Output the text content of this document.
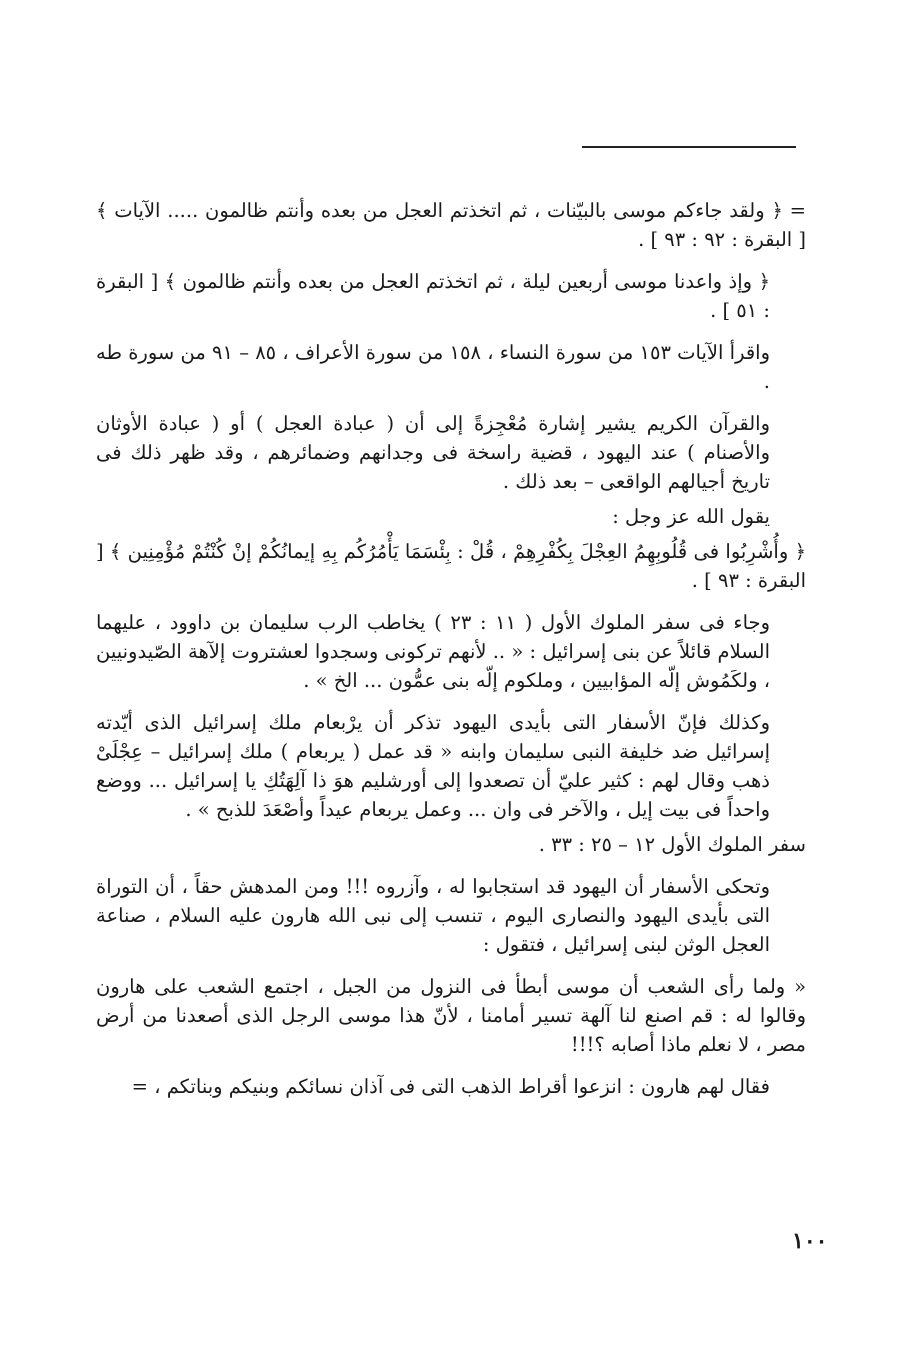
= ﴿ ولقد جاءكم موسى بالبيّنات ، ثم اتخذتم العجل من بعده وأنتم ظالمون ..... الآيات ﴾ [ البقرة : ٩٢ : ٩٣ ] .

﴿ وإذ واعدنا موسى أربعين ليلة ، ثم اتخذتم العجل من بعده وأنتم ظالمون ﴾ [ البقرة : ٥١ ] .

واقرأ الآيات ١٥٣ من سورة النساء ، ١٥٨ من سورة الأعراف ، ٨٥ – ٩١ من سورة طه .

والقرآن الكريم يشير إشارة مُعْجِزةً إلى أن ( عبادة العجل ) أو ( عبادة الأوثان والأصنام ) عند اليهود ، قضية راسخة فى وجدانهم وضمائرهم ، وقد ظهر ذلك فى تاريخ أجيالهم الواقعى – بعد ذلك .

يقول الله عز وجل :

﴿ وأُشْرِبُوا فى قُلُوبِهِمُ العِجْلَ بِكُفْرِهِمْ ، قُلْ : بِئْسَمَا يَأْمُرُكُم بِهِ إيمانُكُمْ إنْ كُنْتُمْ مُؤْمِنِين ﴾ [ البقرة : ٩٣ ] .

وجاء فى سفر الملوك الأول ( ١١ : ٢٣ ) يخاطب الرب سليمان بن داوود ، عليهما السلام قائلاً عن بنى إسرائيل : « .. لأنهم تركونى وسجدوا لعشتروت إلآهة الصّيدونيين ، ولكَمُوش إلّه المؤابيين ، وملكوم إلّه بنى عمُّون ... الخ » .

وكذلك فإنّ الأسفار التى بأيدى اليهود تذكر أن يرْبعام ملك إسرائيل الذى أيّدته إسرائيل ضد خليفة النبى سليمان وابنه « قد عمل ( يربعام ) ملك إسرائيل – عِجْلَىْ ذهب وقال لهم : كثير عليّ أن تصعدوا إلى أورشليم هوَ ذا آلِهَتُكِ يا إسرائيل ... ووضع واحداً فى بيت إيل ، والآخر فى وان ... وعمل يربعام عيداً وأصْعَدَ للذبح » .

سفر الملوك الأول ١٢ – ٢٥ : ٣٣ .

وتحكى الأسفار أن اليهود قد استجابوا له ، وآزروه !!! ومن المدهش حقاً ، أن التوراة التى بأيدى اليهود والنصارى اليوم ، تنسب إلى نبى الله هارون عليه السلام ، صناعة العجل الوثن لبنى إسرائيل ، فتقول :

« ولما رأى الشعب أن موسى أبطأ فى النزول من الجبل ، اجتمع الشعب على هارون وقالوا له : قم اصنع لنا آلهة تسير أمامنا ، لأنّ هذا موسى الرجل الذى أصعدنا من أرض مصر ، لا نعلم ماذا أصابه ؟!!!

فقال لهم هارون : انزعوا أقراط الذهب التى فى آذان نسائكم وبنيكم وبناتكم ، =

١٠٠
